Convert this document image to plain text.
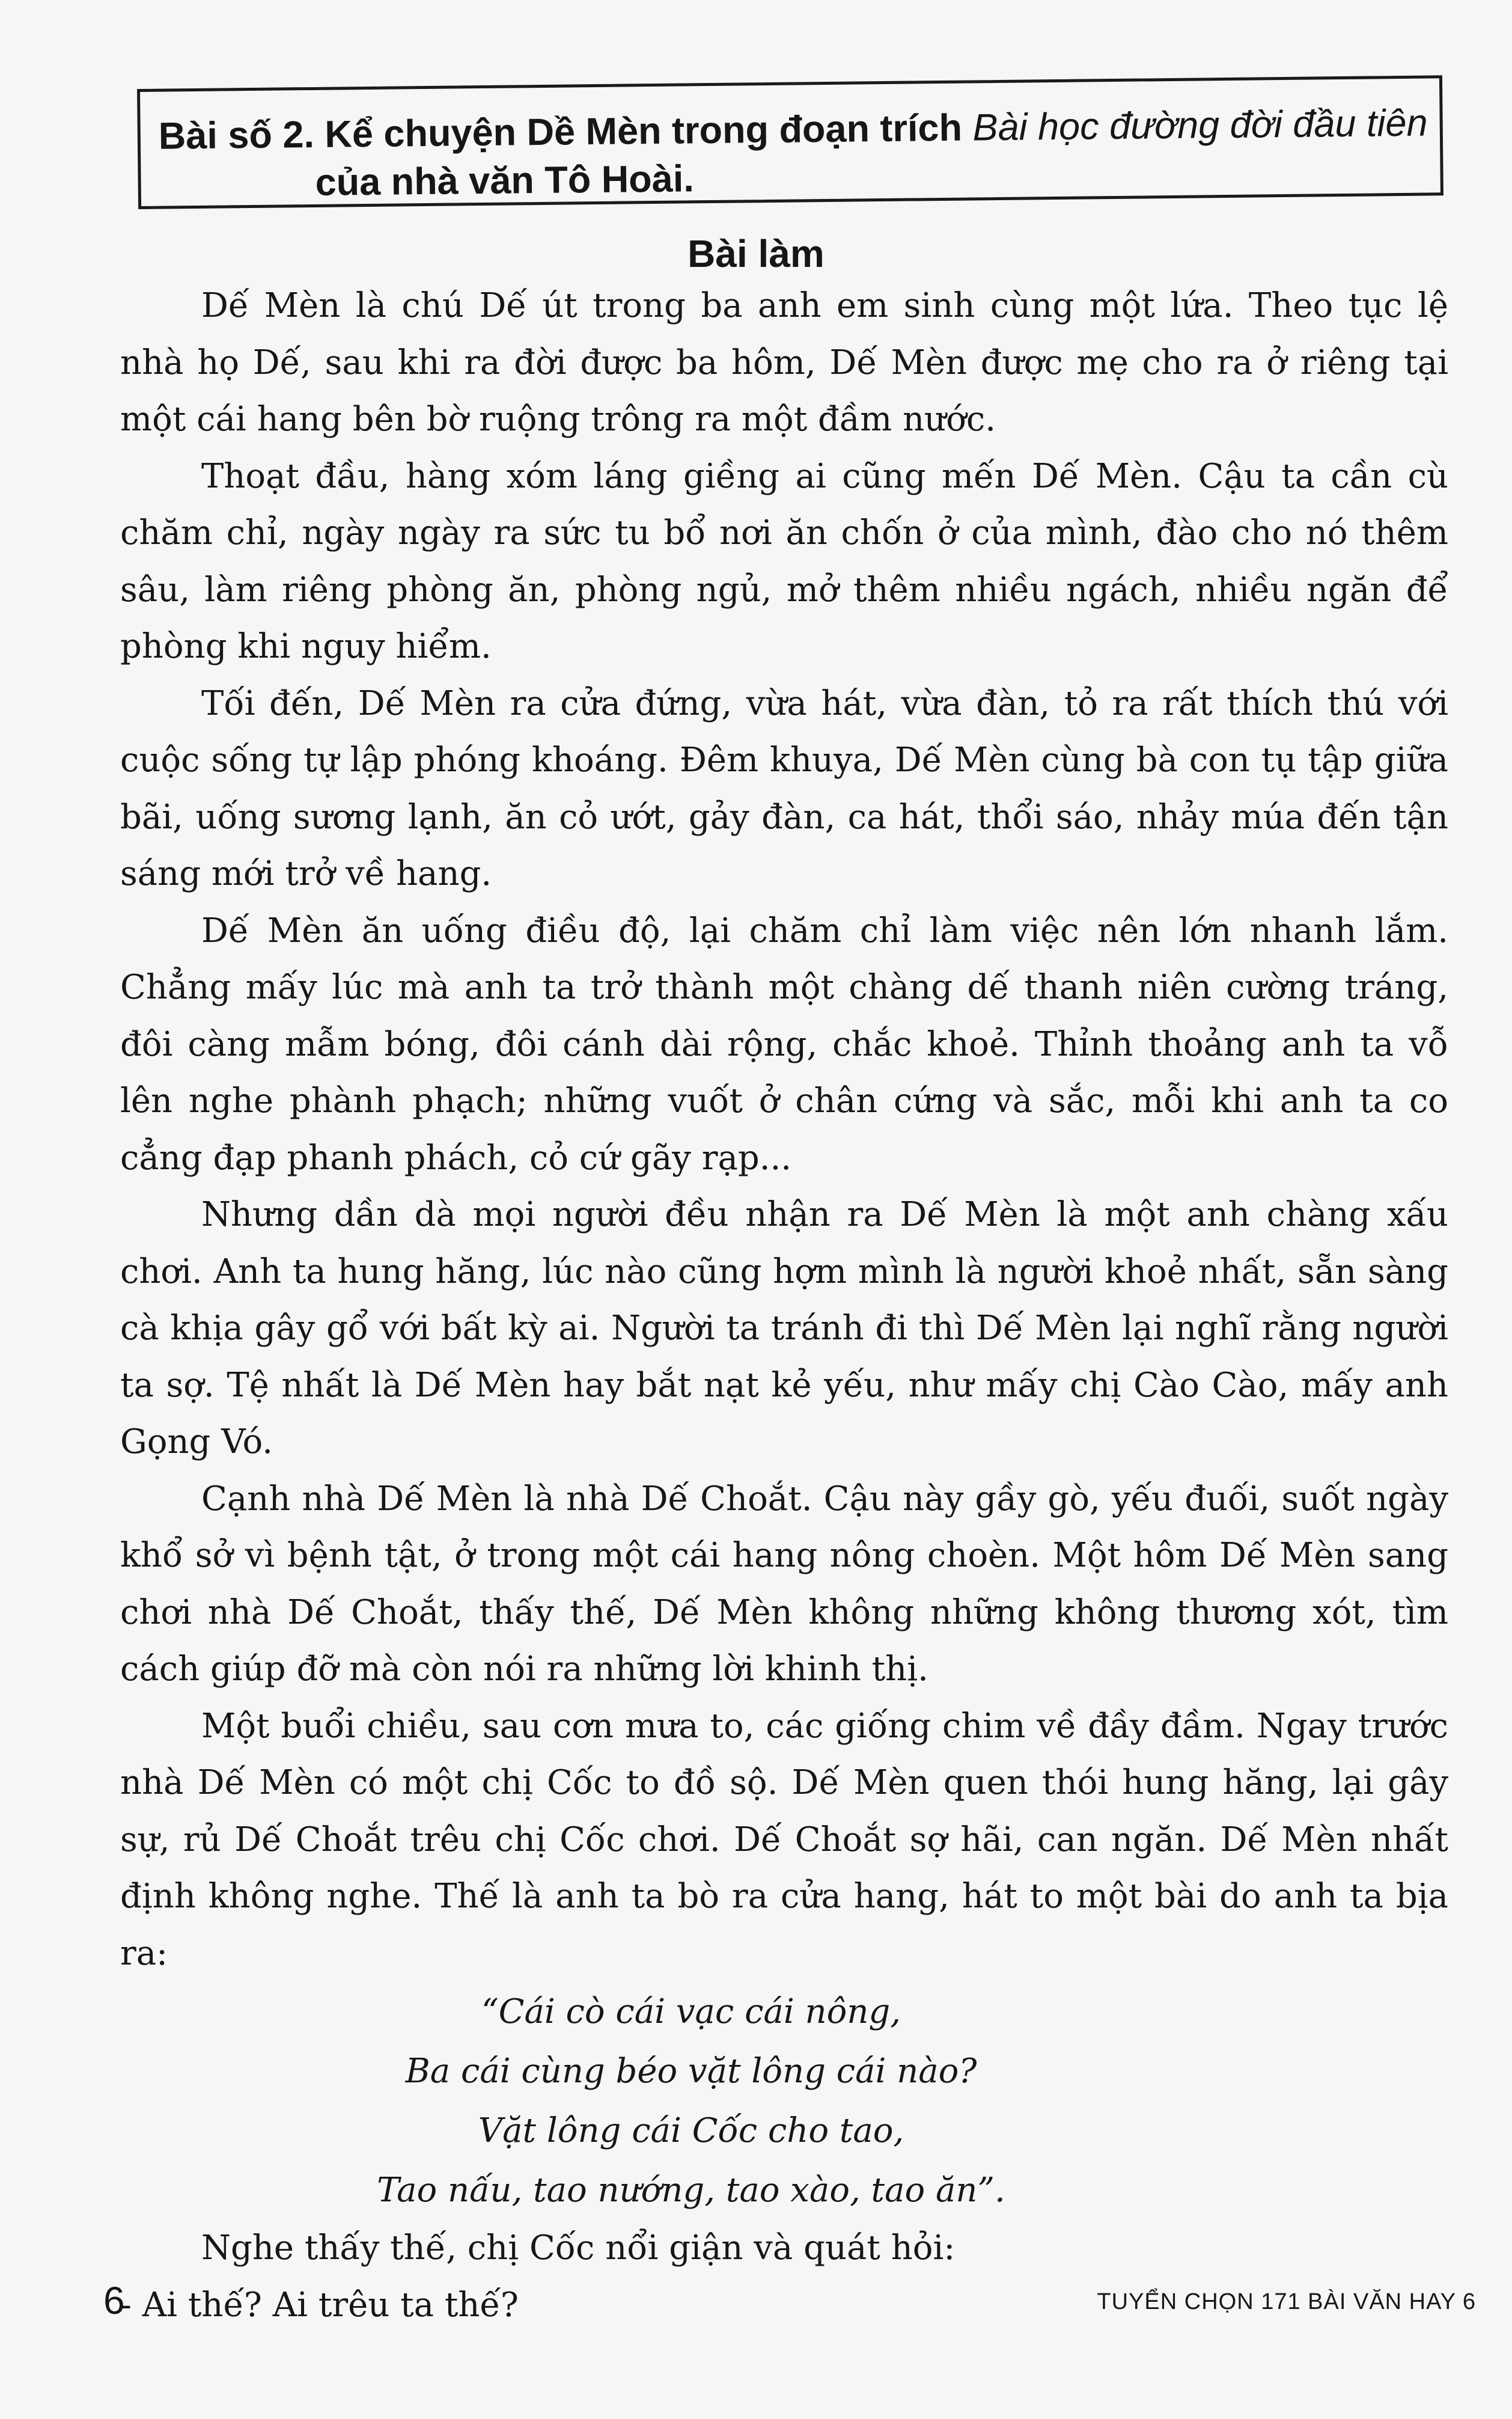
Bài số 2. Kể chuyện Dề Mèn trong đoạn trích Bài học đường đời đầu tiên
của nhà văn Tô Hoài.
Bài làm

Dế Mèn là chú Dế út trong ba anh em sinh cùng một lứa. Theo tục lệ nhà họ Dế, sau khi ra đời được ba hôm, Dế Mèn được mẹ cho ra ở riêng tại một cái hang bên bờ ruộng trông ra một đầm nước.

Thoạt đầu, hàng xóm láng giềng ai cũng mến Dế Mèn. Cậu ta cần cù chăm chỉ, ngày ngày ra sức tu bổ nơi ăn chốn ở của mình, đào cho nó thêm sâu, làm riêng phòng ăn, phòng ngủ, mở thêm nhiều ngách, nhiều ngăn để phòng khi nguy hiểm.

Tối đến, Dế Mèn ra cửa đứng, vừa hát, vừa đàn, tỏ ra rất thích thú với cuộc sống tự lập phóng khoáng. Đêm khuya, Dế Mèn cùng bà con tụ tập giữa bãi, uống sương lạnh, ăn cỏ ướt, gảy đàn, ca hát, thổi sáo, nhảy múa đến tận sáng mới trở về hang.

Dế Mèn ăn uống điều độ, lại chăm chỉ làm việc nên lớn nhanh lắm. Chẳng mấy lúc mà anh ta trở thành một chàng dế thanh niên cường tráng, đôi càng mẫm bóng, đôi cánh dài rộng, chắc khoẻ. Thỉnh thoảng anh ta vỗ lên nghe phành phạch; những vuốt ở chân cứng và sắc, mỗi khi anh ta co cẳng đạp phanh phách, cỏ cứ gãy rạp...

Nhưng dần dà mọi người đều nhận ra Dế Mèn là một anh chàng xấu chơi. Anh ta hung hăng, lúc nào cũng hợm mình là người khoẻ nhất, sẵn sàng cà khịa gây gổ với bất kỳ ai. Người ta tránh đi thì Dế Mèn lại nghĩ rằng người ta sợ. Tệ nhất là Dế Mèn hay bắt nạt kẻ yếu, như mấy chị Cào Cào, mấy anh Gọng Vó.

Cạnh nhà Dế Mèn là nhà Dế Choắt. Cậu này gầy gò, yếu đuối, suốt ngày khổ sở vì bệnh tật, ở trong một cái hang nông choèn. Một hôm Dế Mèn sang chơi nhà Dế Choắt, thấy thế, Dế Mèn không những không thương xót, tìm cách giúp đỡ mà còn nói ra những lời khinh thị.

Một buổi chiều, sau cơn mưa to, các giống chim về đầy đầm. Ngay trước nhà Dế Mèn có một chị Cốc to đồ sộ. Dế Mèn quen thói hung hăng, lại gây sự, rủ Dế Choắt trêu chị Cốc chơi. Dế Choắt sợ hãi, can ngăn. Dế Mèn nhất định không nghe. Thế là anh ta bò ra cửa hang, hát to một bài do anh ta bịa ra:

“Cái cò cái vạc cái nông,
Ba cái cùng béo vặt lông cái nào?
Vặt lông cái Cốc cho tao,
Tao nấu, tao nướng, tao xào, tao ăn”.

Nghe thấy thế, chị Cốc nổi giận và quát hỏi:

- Ai thế? Ai trêu ta thế?

6	TUYỂN CHỌN 171 BÀI VĂN HAY 6
